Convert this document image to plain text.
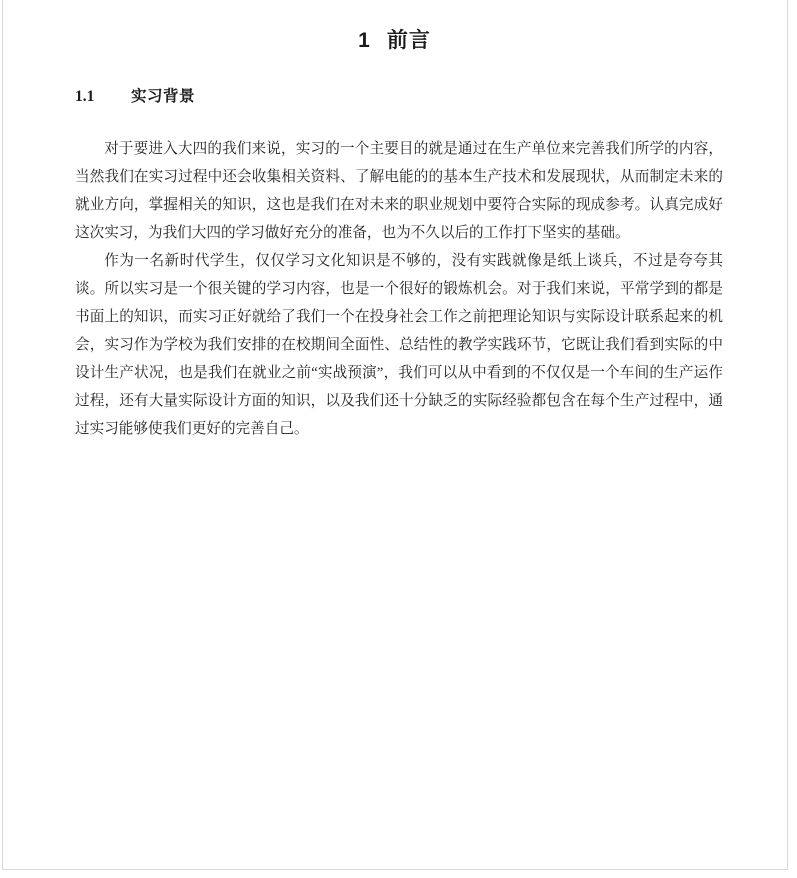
1 前言
1.1 实习背景

对于要进入大四的我们来说，实习的一个主要目的就是通过在生产单位来完善我们所学的内容，当然我们在实习过程中还会收集相关资料、了解电能的的基本生产技术和发展现状，从而制定未来的就业方向，掌握相关的知识，这也是我们在对未来的职业规划中要符合实际的现成参考。认真完成好这次实习，为我们大四的学习做好充分的准备，也为不久以后的工作打下坚实的基础。

作为一名新时代学生，仅仅学习文化知识是不够的，没有实践就像是纸上谈兵，不过是夸夸其谈。所以实习是一个很关键的学习内容，也是一个很好的锻炼机会。对于我们来说，平常学到的都是书面上的知识，而实习正好就给了我们一个在投身社会工作之前把理论知识与实际设计联系起来的机会，实习作为学校为我们安排的在校期间全面性、总结性的教学实践环节，它既让我们看到实际的中设计生产状况，也是我们在就业之前“实战预演”，我们可以从中看到的不仅仅是一个车间的生产运作过程，还有大量实际设计方面的知识，以及我们还十分缺乏的实际经验都包含在每个生产过程中，通过实习能够使我们更好的完善自己。
